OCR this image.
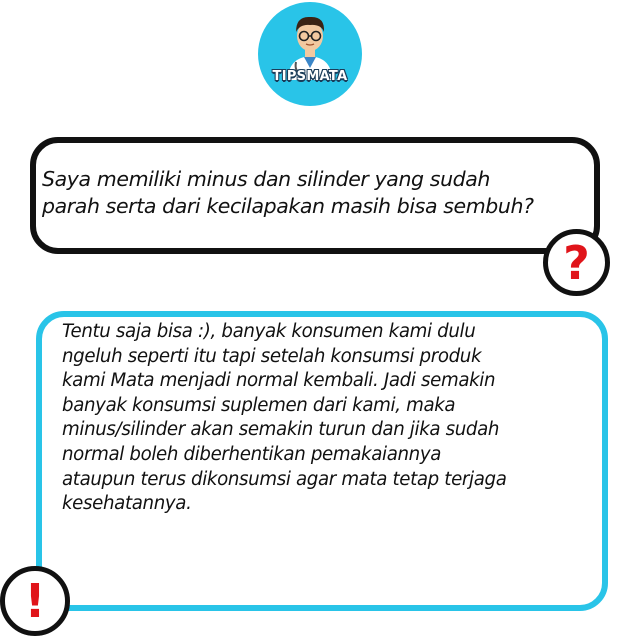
TIPSMATA
Saya memiliki minus dan silinder yang sudah
parah serta dari kecilapakan masih bisa sembuh?
?
Tentu saja bisa :), banyak konsumen kami dulu
ngeluh seperti itu tapi setelah konsumsi produk
kami Mata menjadi normal kembali. Jadi semakin
banyak konsumsi suplemen dari kami, maka
minus/silinder akan semakin turun dan jika sudah
normal boleh diberhentikan pemakaiannya
ataupun terus dikonsumsi agar mata tetap terjaga
kesehatannya.
!
